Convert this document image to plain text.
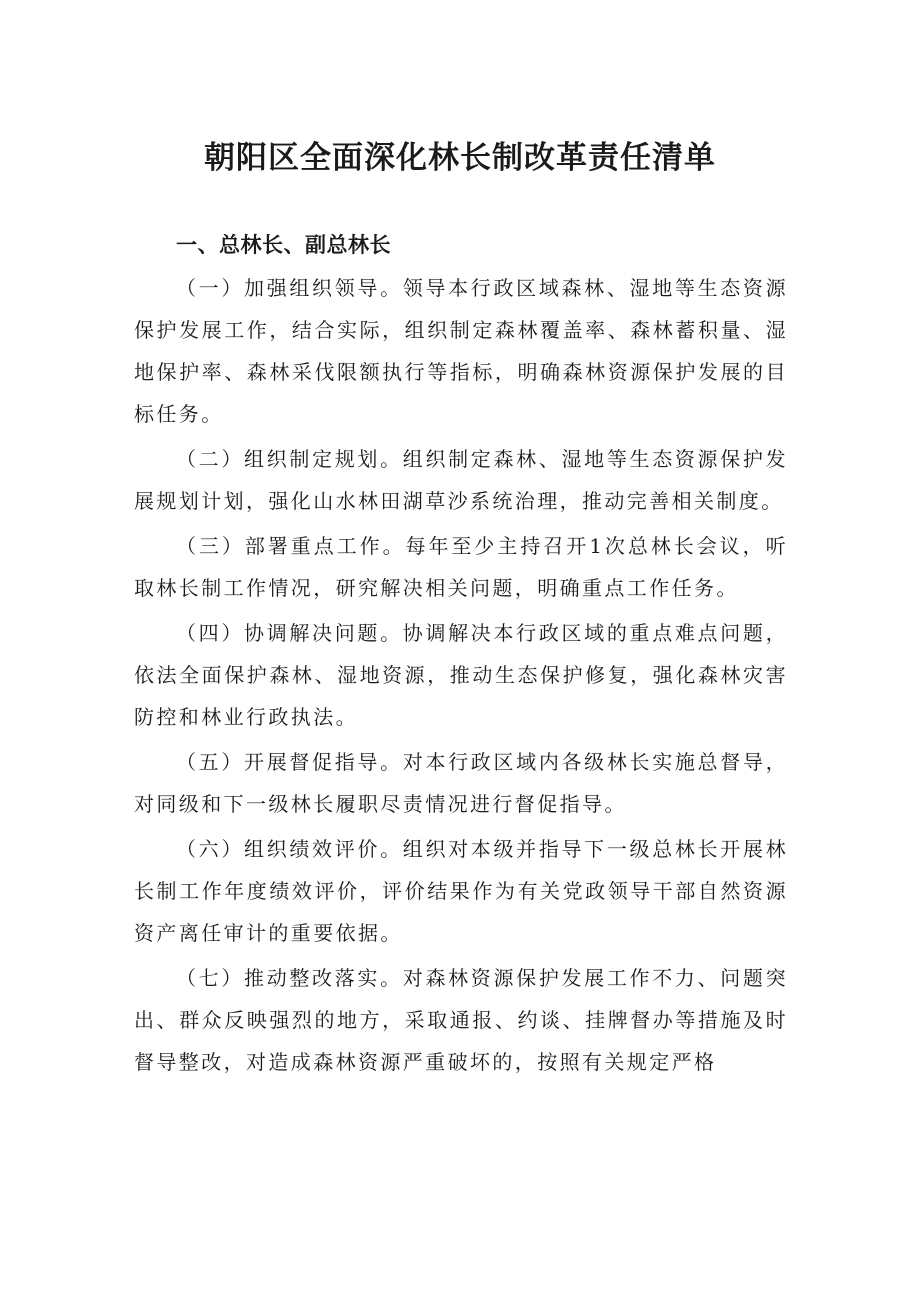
朝阳区全面深化林长制改革责任清单
一、总林长、副总林长

（一）加强组织领导。领导本行政区域森林、湿地等生态资源保护发展工作，结合实际，组织制定森林覆盖率、森林蓄积量、湿地保护率、森林采伐限额执行等指标，明确森林资源保护发展的目标任务。

（二）组织制定规划。组织制定森林、湿地等生态资源保护发展规划计划，强化山水林田湖草沙系统治理，推动完善相关制度。

（三）部署重点工作。每年至少主持召开1次总林长会议，听取林长制工作情况，研究解决相关问题，明确重点工作任务。

（四）协调解决问题。协调解决本行政区域的重点难点问题，依法全面保护森林、湿地资源，推动生态保护修复，强化森林灾害防控和林业行政执法。

（五）开展督促指导。对本行政区域内各级林长实施总督导，对同级和下一级林长履职尽责情况进行督促指导。

（六）组织绩效评价。组织对本级并指导下一级总林长开展林长制工作年度绩效评价，评价结果作为有关党政领导干部自然资源资产离任审计的重要依据。

（七）推动整改落实。对森林资源保护发展工作不力、问题突出、群众反映强烈的地方，采取通报、约谈、挂牌督办等措施及时督导整改，对造成森林资源严重破坏的，按照有关规定严格
